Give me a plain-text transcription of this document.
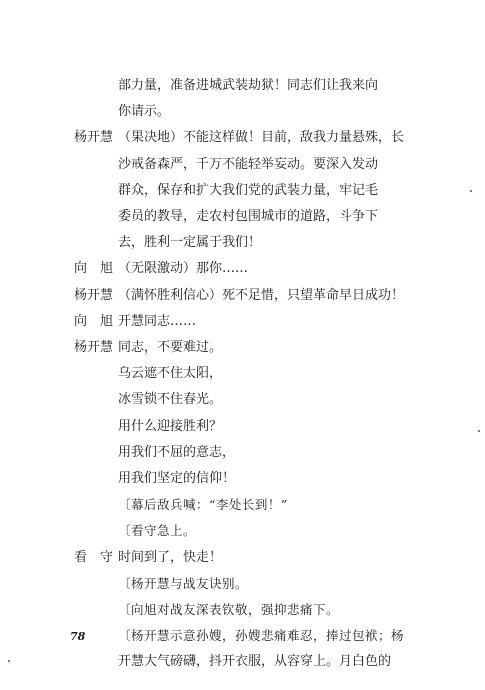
部力量，准备进城武装劫狱！同志们让我来向
你请示。
杨开慧 （果决地）不能这样做！目前，敌我力量悬殊，长
沙戒备森严，千万不能轻举妄动。要深入发动
群众，保存和扩大我们党的武装力量，牢记毛
委员的教导，走农村包围城市的道路，斗争下
去，胜利一定属于我们！
向　旭 （无限激动）那你……
杨开慧 （满怀胜利信心）死不足惜，只望革命早日成功！
向　旭 开慧同志……
杨开慧 同志，不要难过。
乌云遮不住太阳，
冰雪锁不住春光。
用什么迎接胜利？
用我们不屈的意志，
用我们坚定的信仰！
〔幕后敌兵喊：“李处长到！”
〔看守急上。
看　守 时间到了，快走！
〔杨开慧与战友诀别。
〔向旭对战友深表钦敬，强抑悲痛下。
〔杨开慧示意孙嫂，孙嫂悲痛难忍，捧过包袱；杨
开慧大气磅礴，抖开衣服，从容穿上。月白色的
78
